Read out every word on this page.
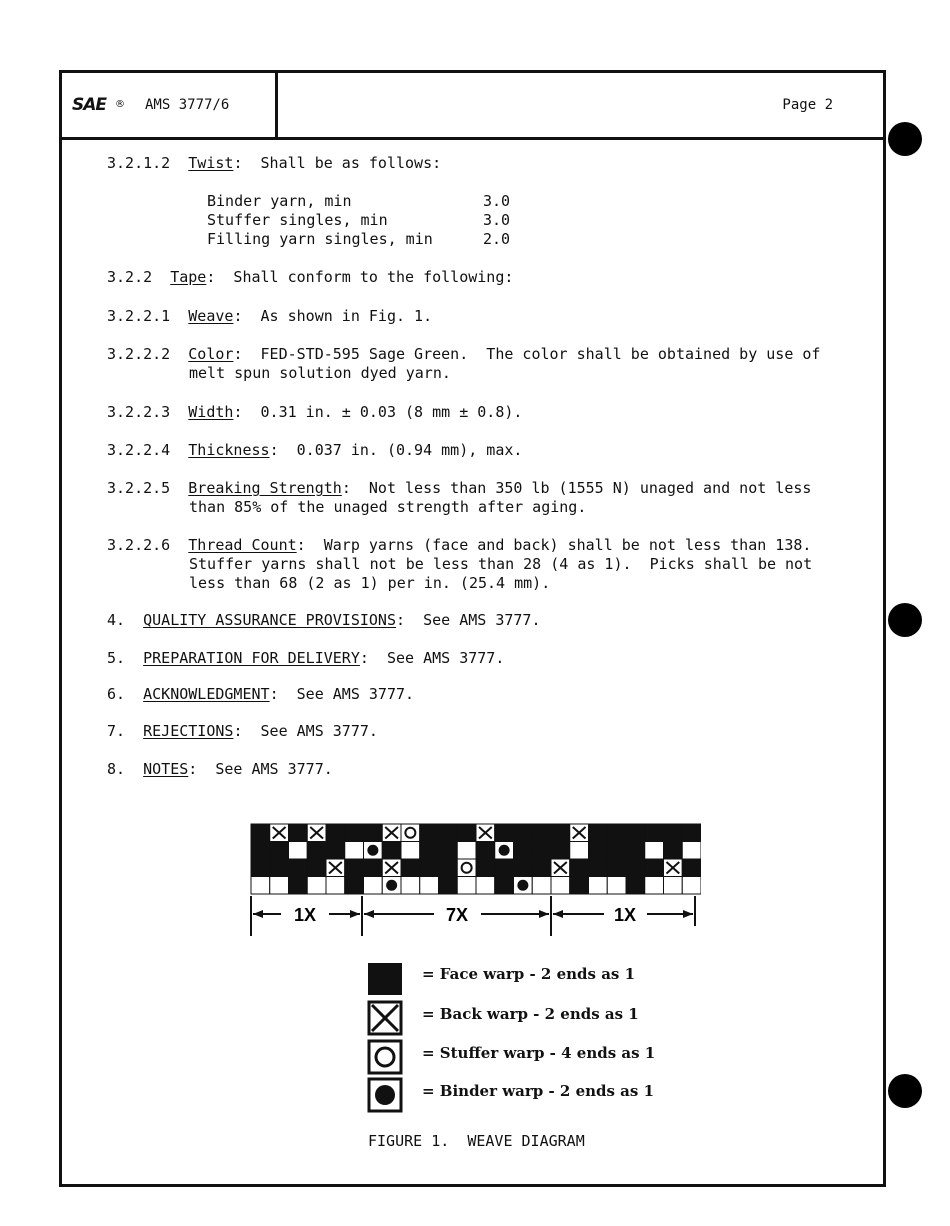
SAE ® AMS 3777/6	Page 2
3.2.1.2 Twist:  Shall be as follows:
Binder yarn, min	3.0
Stuffer singles, min	3.0
Filling yarn singles, min	2.0
3.2.2 Tape:  Shall conform to the following:
3.2.2.1 Weave:  As shown in Fig. 1.
3.2.2.2 Color:  FED-STD-595 Sage Green.  The color shall be obtained by use of
melt spun solution dyed yarn.
3.2.2.3 Width:  0.31 in. ± 0.03 (8 mm ± 0.8).
3.2.2.4 Thickness:  0.037 in. (0.94 mm), max.
3.2.2.5 Breaking Strength:  Not less than 350 lb (1555 N) unaged and not less
than 85% of the unaged strength after aging.
3.2.2.6 Thread Count:  Warp yarns (face and back) shall be not less than 138.
Stuffer yarns shall not be less than 28 (4 as 1).  Picks shall be not
less than 68 (2 as 1) per in. (25.4 mm).
4. QUALITY ASSURANCE PROVISIONS:  See AMS 3777.
5. PREPARATION FOR DELIVERY:  See AMS 3777.
6. ACKNOWLEDGMENT:  See AMS 3777.
7. REJECTIONS:  See AMS 3777.
8. NOTES:  See AMS 3777.
1X	7X	1X
= Face warp - 2 ends as 1
= Back warp - 2 ends as 1
= Stuffer warp - 4 ends as 1
= Binder warp - 2 ends as 1
FIGURE 1.  WEAVE DIAGRAM
